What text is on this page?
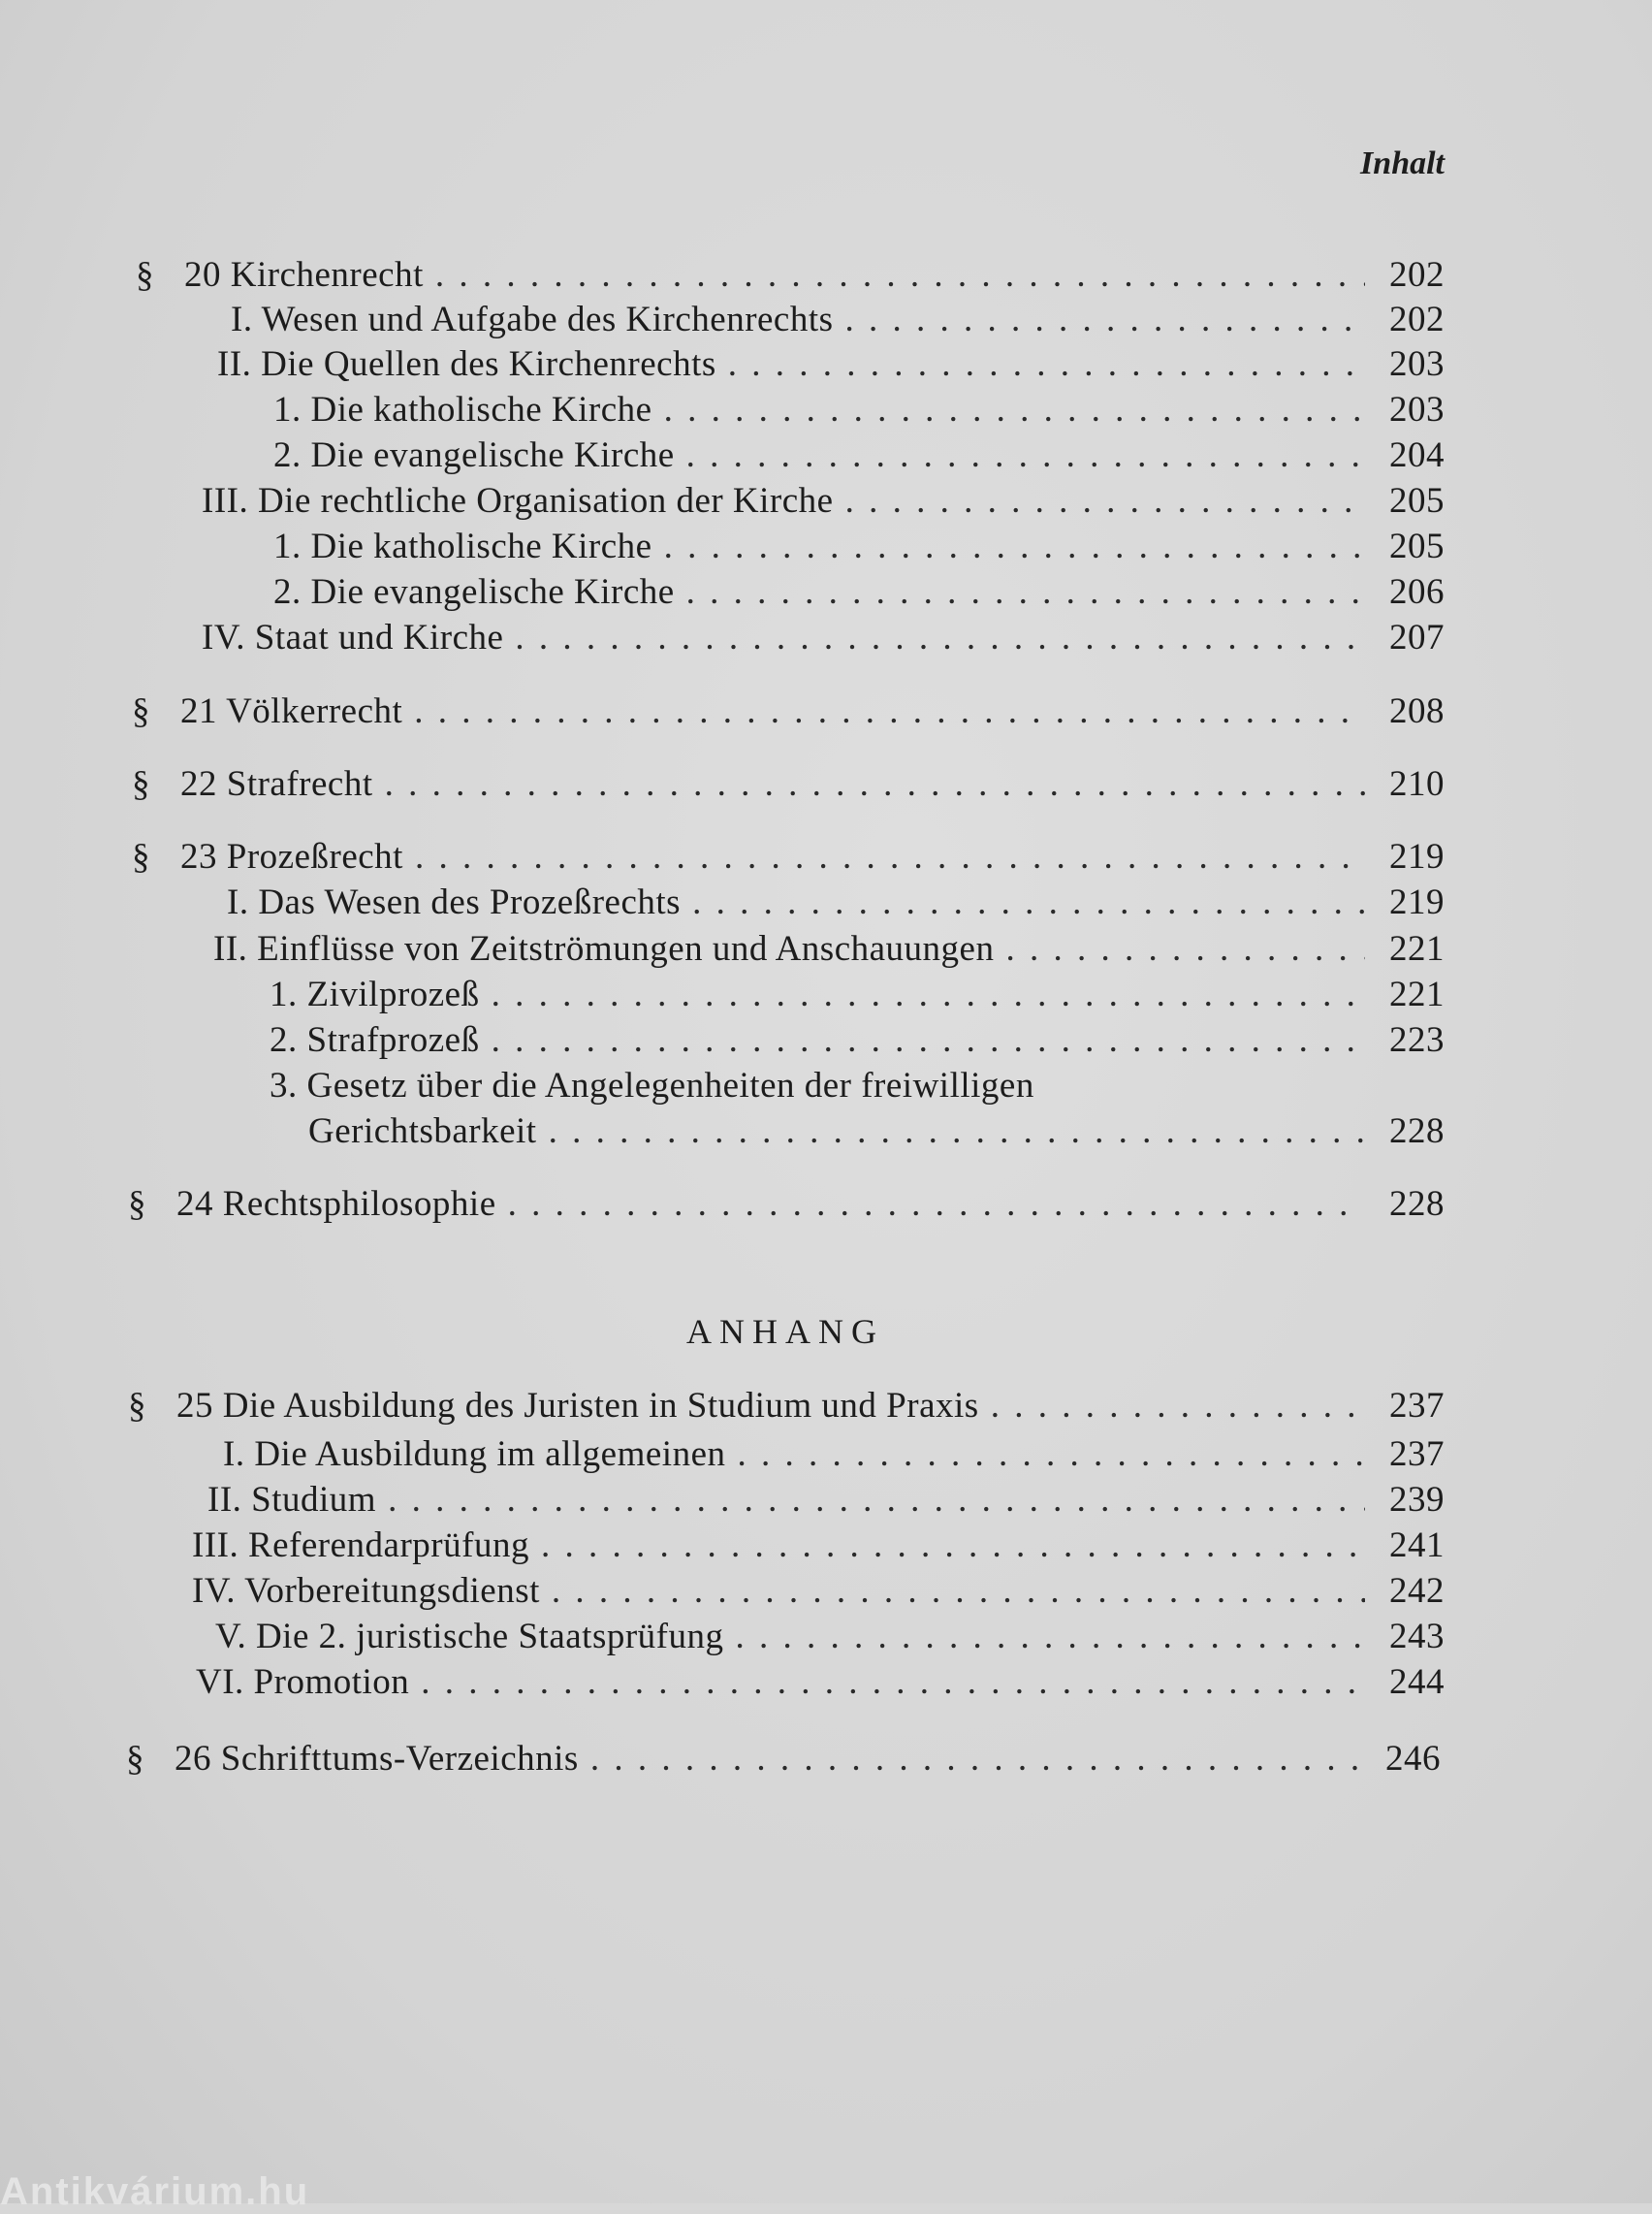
Inhalt
§ 20 Kirchenrecht . . .	202
I. Wesen und Aufgabe des Kirchenrechts . . .	202
II. Die Quellen des Kirchenrechts . . .	203
1. Die katholische Kirche . . .	203
2. Die evangelische Kirche . . .	204
III. Die rechtliche Organisation der Kirche . . .	205
1. Die katholische Kirche . . .	205
2. Die evangelische Kirche . . .	206
IV. Staat und Kirche . . .	207
§ 21 Völkerrecht . . .	208
§ 22 Strafrecht . . .	210
§ 23 Prozeßrecht . . .	219
I. Das Wesen des Prozeßrechts . . .	219
II. Einflüsse von Zeitströmungen und Anschauungen . . .	221
1. Zivilprozeß . . .	221
2. Strafprozeß . . .	223
3. Gesetz über die Angelegenheiten der freiwilligen
Gerichtsbarkeit . . .	228
§ 24 Rechtsphilosophie . . .	228
ANHANG
§ 25 Die Ausbildung des Juristen in Studium und Praxis . . .	237
I. Die Ausbildung im allgemeinen . . .	237
II. Studium . . .	239
III. Referendarprüfung . . .	241
IV. Vorbereitungsdienst . . .	242
V. Die 2. juristische Staatsprüfung . . .	243
VI. Promotion . . .	244
§ 26 Schrifttums-Verzeichnis . . .	246
Antikvárium.hu
